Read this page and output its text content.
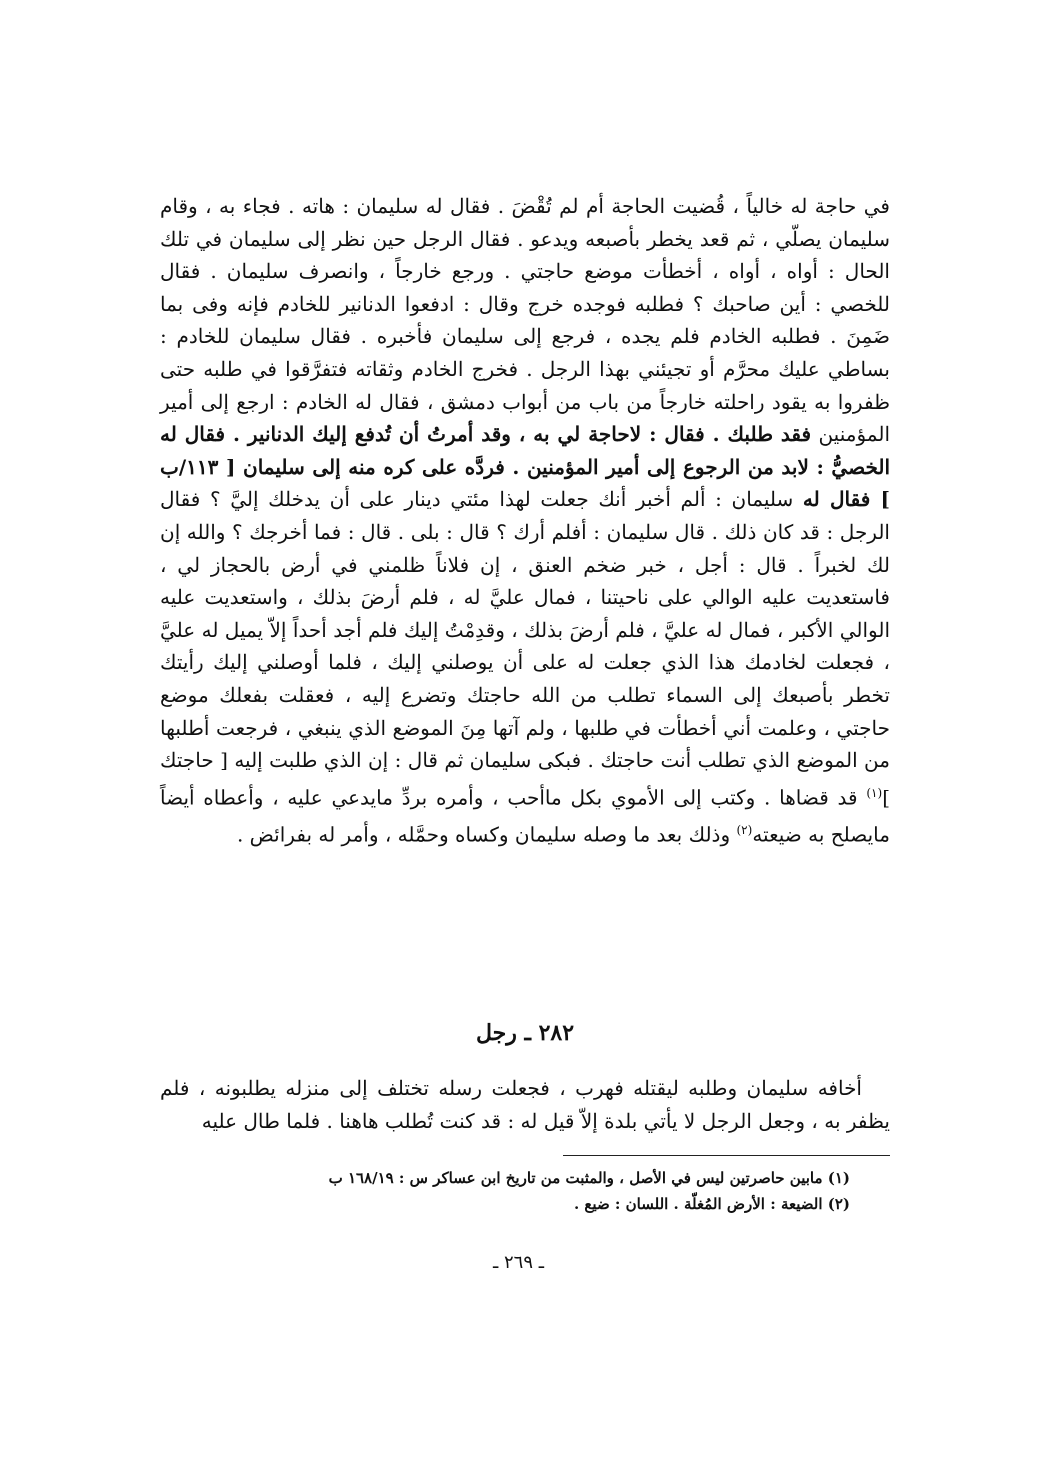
في حاجة له خالياً ، قُضيت الحاجة أم لم تُقْضَ . فقال له سليمان : هاته . فجاء به ، وقام سليمان يصلّي ، ثم قعد يخطر بأصبعه ويدعو . فقال الرجل حين نظر إلى سليمان في تلك الحال : أواه ، أواه ، أخطأت موضع حاجتي . ورجع خارجاً ، وانصرف سليمان . فقال للخصي : أين صاحبك ؟ فطلبه فوجده خرج وقال : ادفعوا الدنانير للخادم فإنه وفى بما ضَمِنَ . فطلبه الخادم فلم يجده ، فرجع إلى سليمان فأخبره . فقال سليمان للخادم : بساطي عليك محرَّم أو تجيئني بهذا الرجل . فخرج الخادم وثقاته فتفرَّقوا في طلبه حتى ظفروا به يقود راحلته خارجاً من باب من أبواب دمشق ، فقال له الخادم : ارجع إلى أمير المؤمنين فقد طلبك . فقال : لاحاجة لي به ، وقد أمرتُ أن تُدفع إليك الدنانير . فقال له الخصيُّ : لابد من الرجوع إلى أمير المؤمنين . فردَّه على كره منه إلى سليمان [ ١١٣/ب ] فقال له سليمان : ألم أخبر أنك جعلت لهذا مئتي دينار على أن يدخلك إليَّ ؟ فقال الرجل : قد كان ذلك . قال سليمان : أفلم أرك ؟ قال : بلى . قال : فما أخرجك ؟ والله إن لك لخبراً . قال : أجل ، خبر ضخم العنق ، إن فلاناً ظلمني في أرض بالحجاز لي ، فاستعديت عليه الوالي على ناحيتنا ، فمال عليَّ له ، فلم أرضَ بذلك ، واستعديت عليه الوالي الأكبر ، فمال له عليَّ ، فلم أرضَ بذلك ، وقدِمْتُ إليك فلم أجد أحداً إلاّ يميل له عليَّ ، فجعلت لخادمك هذا الذي جعلت له على أن يوصلني إليك ، فلما أوصلني إليك رأيتك تخطر بأصبعك إلى السماء تطلب من الله حاجتك وتضرع إليه ، فعقلت بفعلك موضع حاجتي ، وعلمت أني أخطأت في طلبها ، ولم آتها مِنَ الموضع الذي ينبغي ، فرجعت أطلبها من الموضع الذي تطلب أنت حاجتك . فبكى سليمان ثم قال : إن الذي طلبت إليه [ حاجتك ]$^{(١)}$ قد قضاها . وكتب إلى الأموي بكل ماأحب ، وأمره بردِّ مايدعي عليه ، وأعطاه أيضاً مايصلح به ضيعته$^{(٢)}$ وذلك بعد ما وصله سليمان وكساه وحمَّله ، وأمر له بفرائض .

٢٨٢ ـ رجل

أخافه سليمان وطلبه ليقتله فهرب ، فجعلت رسله تختلف إلى منزله يطلبونه ، فلم يظفر به ، وجعل الرجل لا يأتي بلدة إلاّ قيل له : قد كنت تُطلب هاهنا . فلما طال عليه

(١) مابين حاصرتين ليس في الأصل ، والمثبت من تاريخ ابن عساكر س : ١٦٨/١٩ ب
(٢) الضيعة : الأرض المُغلّة . اللسان : ضيع .
ـ ٢٦٩ ـ
